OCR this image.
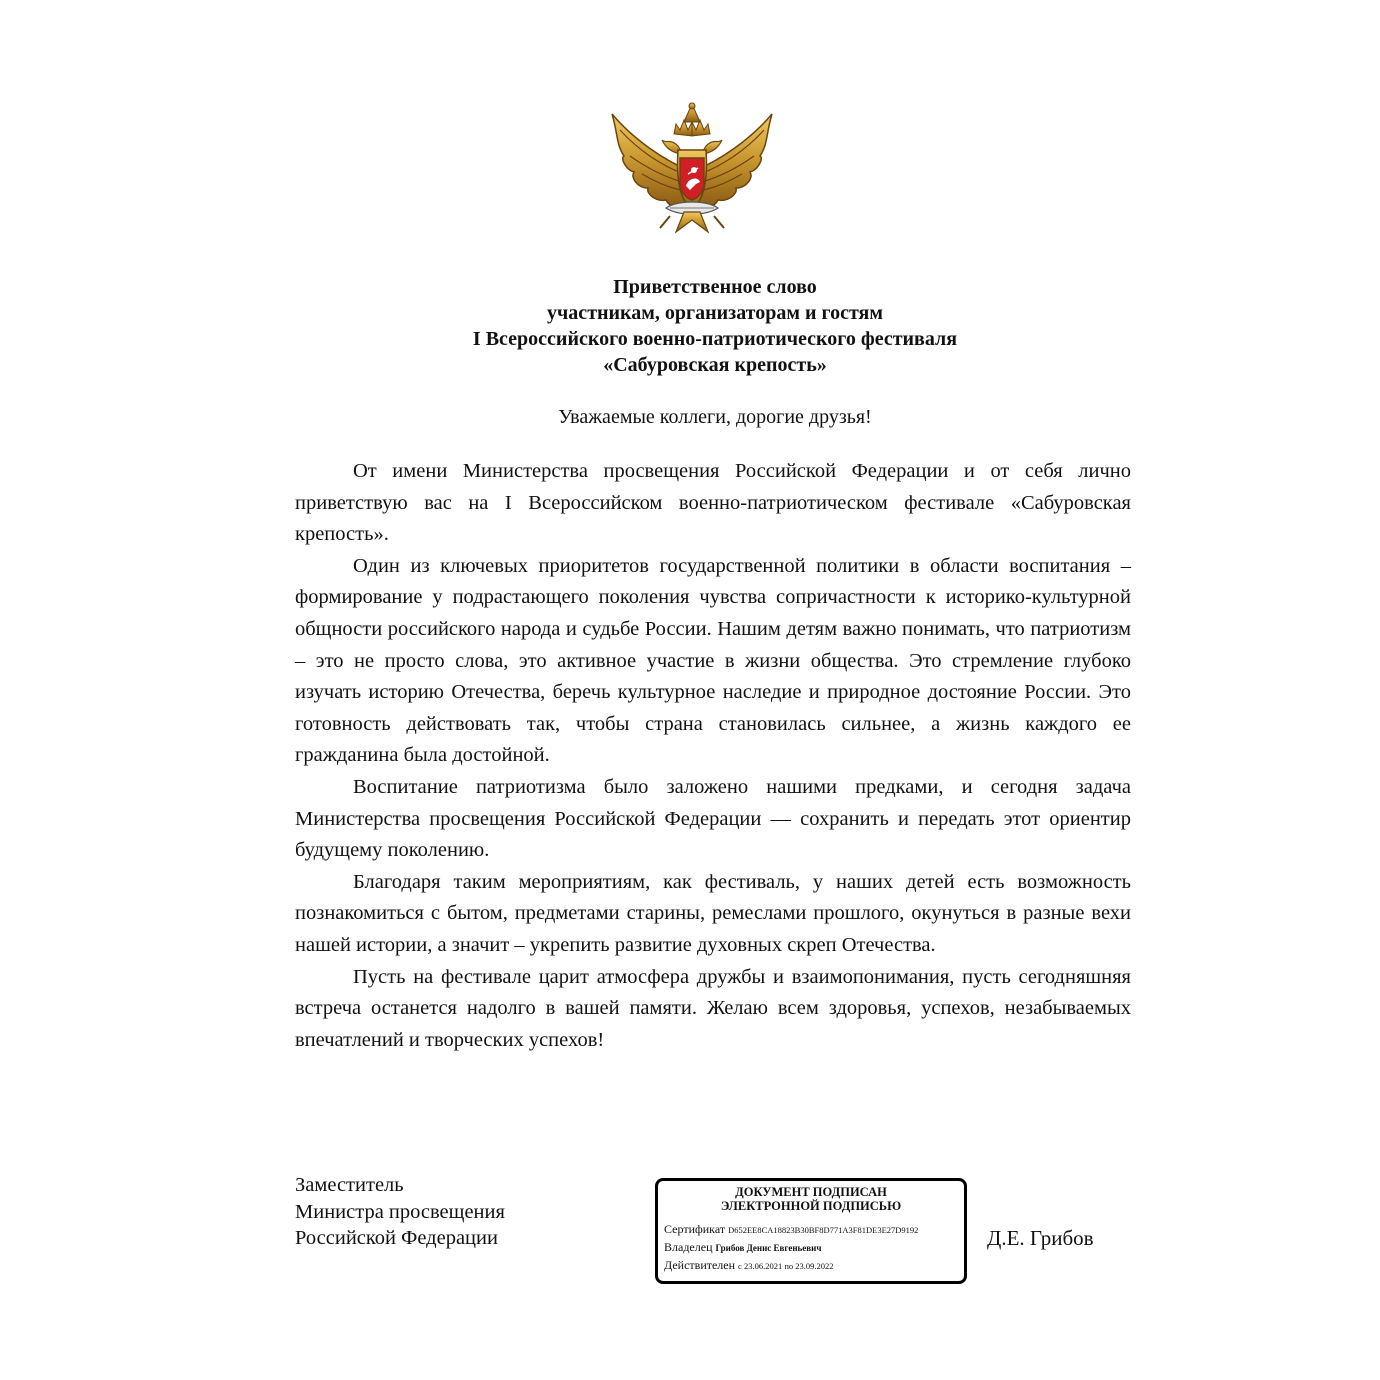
Приветственное слово
участникам, организаторам и гостям
I Всероссийского военно-патриотического фестиваля
«Сабуровская крепость»
Уважаемые коллеги, дорогие друзья!

От имени Министерства просвещения Российской Федерации и от себя лично приветствую вас на I Всероссийском военно-патриотическом фестивале «Сабуровская крепость».

Один из ключевых приоритетов государственной политики в области воспитания – формирование у подрастающего поколения чувства сопричастности к историко-культурной общности российского народа и судьбе России. Нашим детям важно понимать, что патриотизм – это не просто слова, это активное участие в жизни общества. Это стремление глубоко изучать историю Отечества, беречь культурное наследие и природное достояние России. Это готовность действовать так, чтобы страна становилась сильнее, а жизнь каждого ее гражданина была достойной.

Воспитание патриотизма было заложено нашими предками, и сегодня задача Министерства просвещения Российской Федерации — сохранить и передать этот ориентир будущему поколению.

Благодаря таким мероприятиям, как фестиваль, у наших детей есть возможность познакомиться с бытом, предметами старины, ремеслами прошлого, окунуться в разные вехи нашей истории, а значит – укрепить развитие духовных скреп Отечества.

Пусть на фестивале царит атмосфера дружбы и взаимопонимания, пусть сегодняшняя встреча останется надолго в вашей памяти. Желаю всем здоровья, успехов, незабываемых впечатлений и творческих успехов!

Заместитель
Министра просвещения
Российской Федерации
ДОКУМЕНТ ПОДПИСАН
ЭЛЕКТРОННОЙ ПОДПИСЬЮ
Сертификат D652EE8CA18823B30BF8D771A3F81DE3E27D9192
Владелец Грибов Денис Евгеньевич
Действителен с 23.06.2021 по 23.09.2022
Д.Е. Грибов
